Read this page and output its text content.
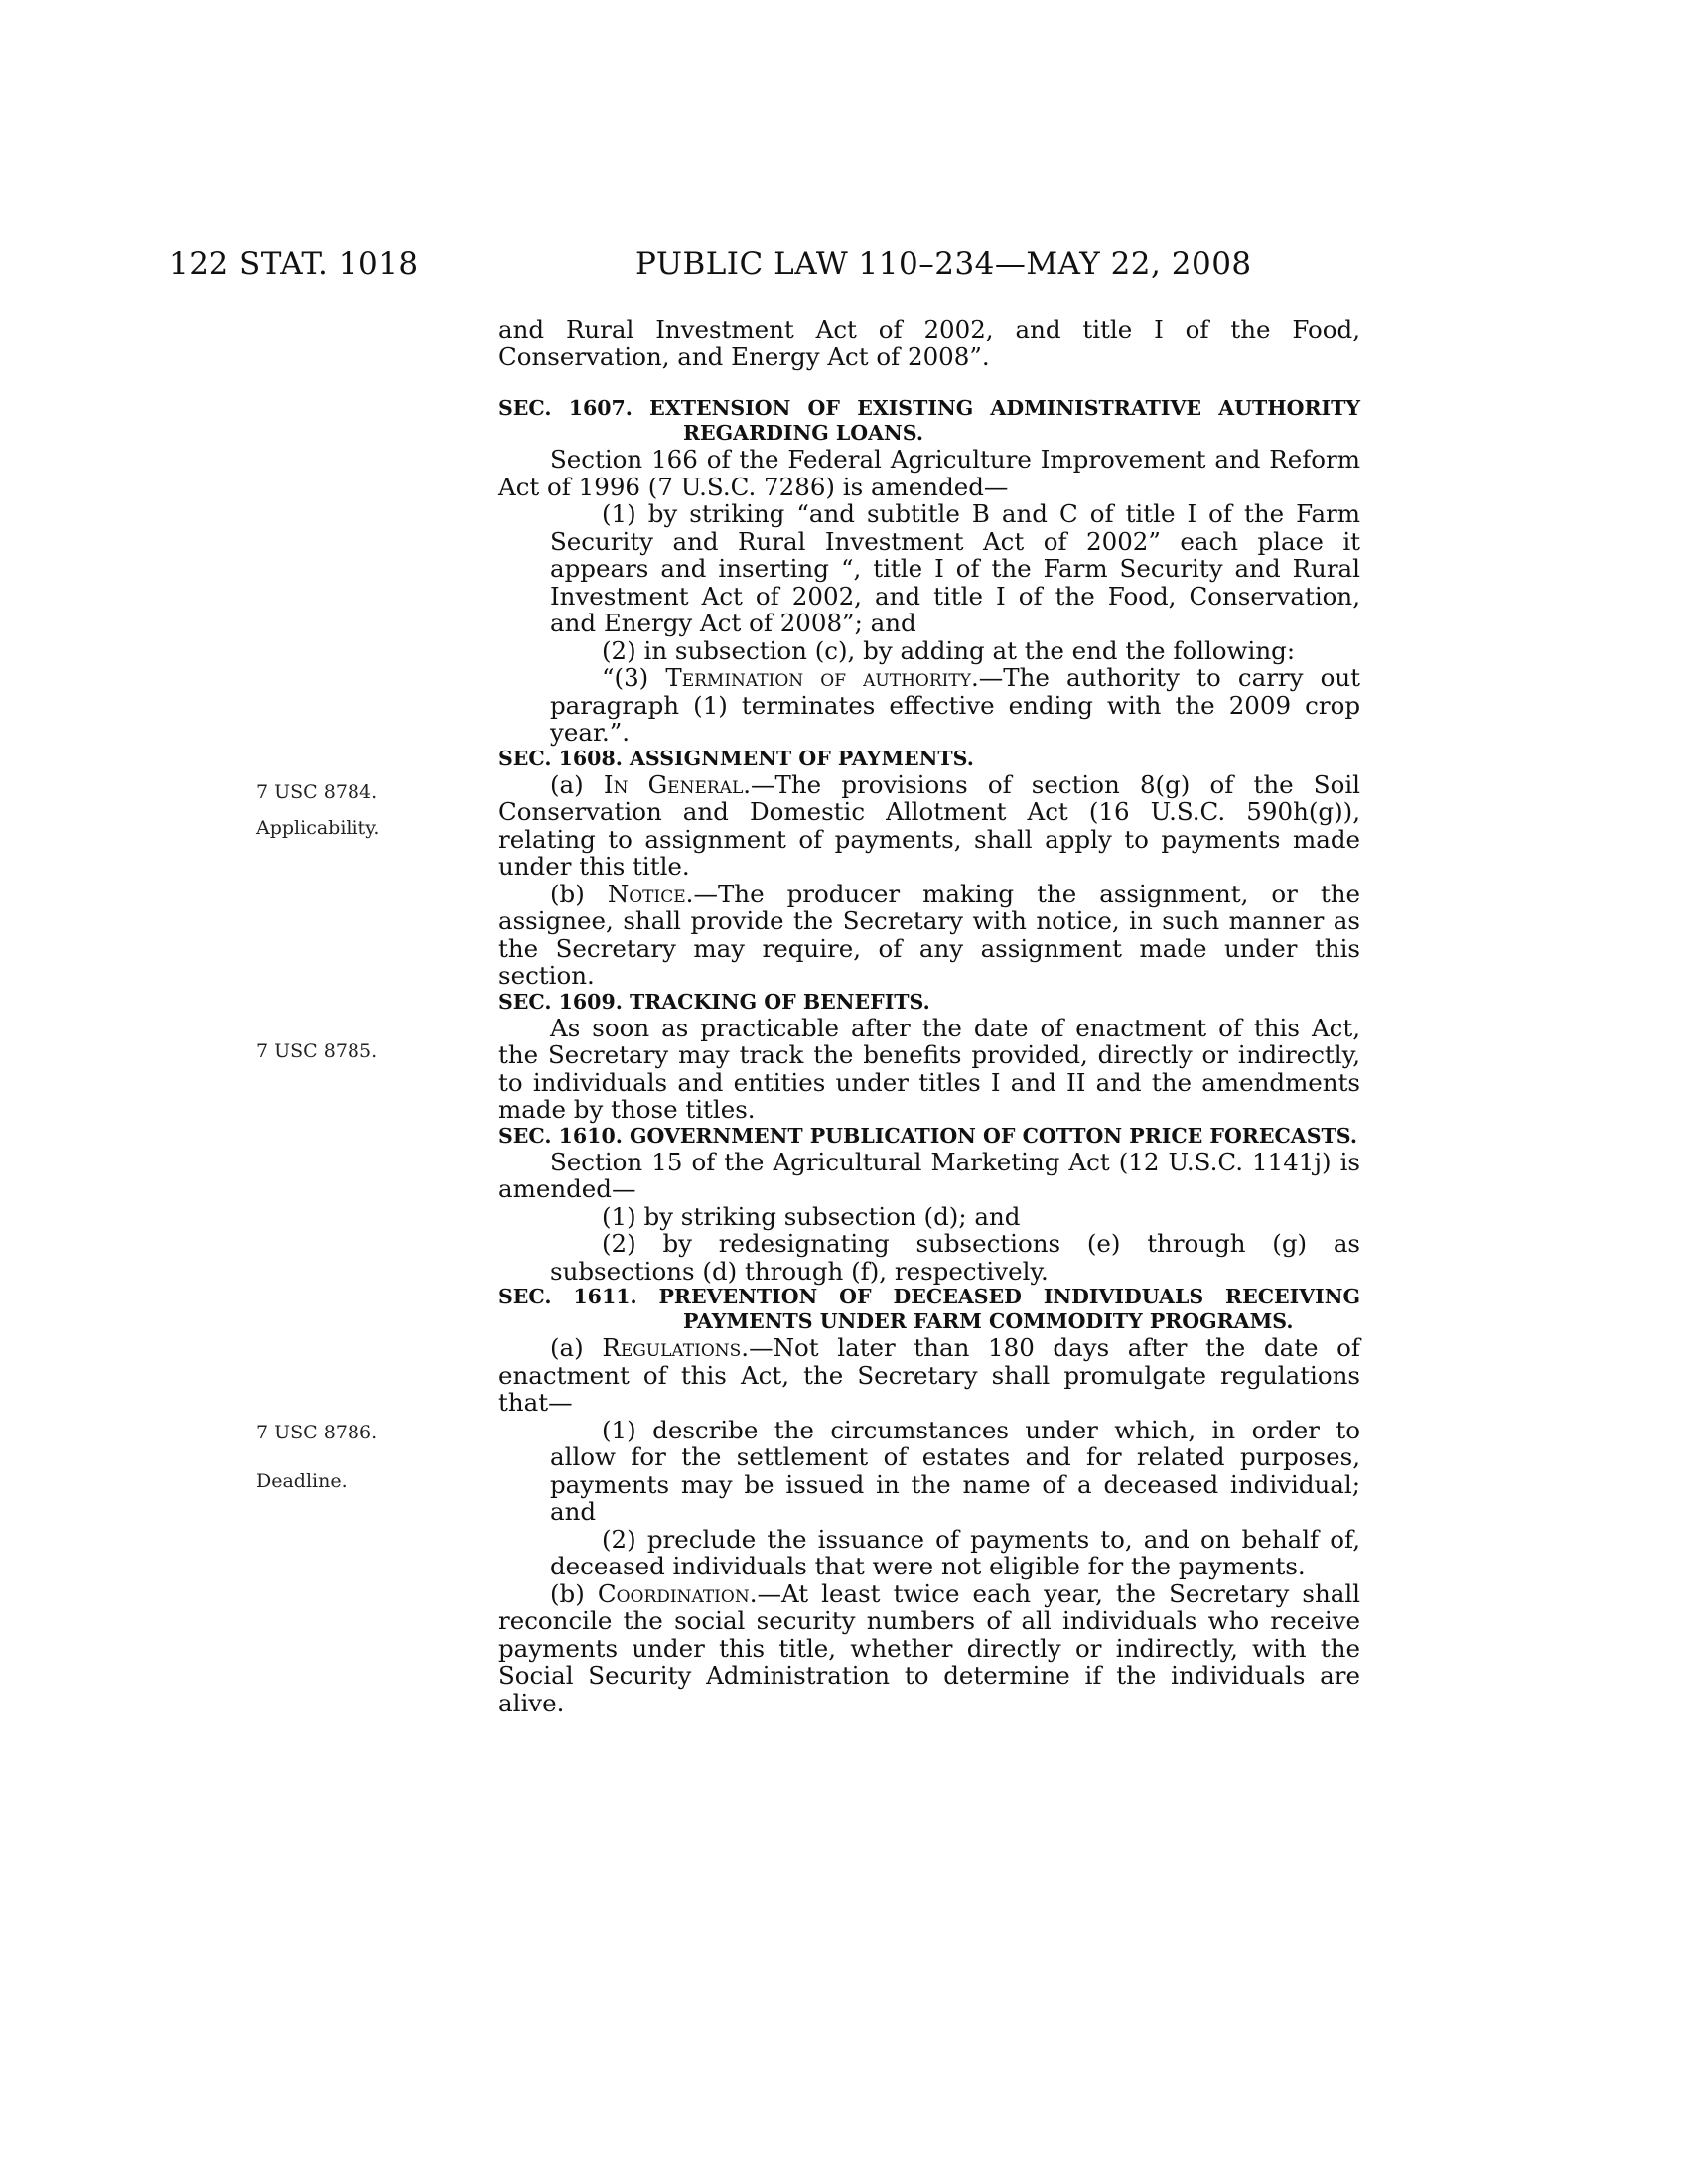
122 STAT. 1018	PUBLIC LAW 110–234—MAY 22, 2008
7 USC 8784.
Applicability.
7 USC 8785.
7 USC 8786.
Deadline.

and Rural Investment Act of 2002, and title I of the Food, Conservation, and Energy Act of 2008”.

SEC. 1607. EXTENSION OF EXISTING ADMINISTRATIVE AUTHORITY REGARDING LOANS.

Section 166 of the Federal Agriculture Improvement and Reform Act of 1996 (7 U.S.C. 7286) is amended—

(1) by striking “and subtitle B and C of title I of the Farm Security and Rural Investment Act of 2002” each place it appears and inserting “, title I of the Farm Security and Rural Investment Act of 2002, and title I of the Food, Conservation, and Energy Act of 2008”; and

(2) in subsection (c), by adding at the end the following:

“(3) Termination of authority.—The authority to carry out paragraph (1) terminates effective ending with the 2009 crop year.”.

SEC. 1608. ASSIGNMENT OF PAYMENTS.

(a) In General.—The provisions of section 8(g) of the Soil Conservation and Domestic Allotment Act (16 U.S.C. 590h(g)), relating to assignment of payments, shall apply to payments made under this title.

(b) Notice.—The producer making the assignment, or the assignee, shall provide the Secretary with notice, in such manner as the Secretary may require, of any assignment made under this section.

SEC. 1609. TRACKING OF BENEFITS.

As soon as practicable after the date of enactment of this Act, the Secretary may track the benefits provided, directly or indirectly, to individuals and entities under titles I and II and the amendments made by those titles.

SEC. 1610. GOVERNMENT PUBLICATION OF COTTON PRICE FORECASTS.

Section 15 of the Agricultural Marketing Act (12 U.S.C. 1141j) is amended—

(1) by striking subsection (d); and

(2) by redesignating subsections (e) through (g) as subsections (d) through (f), respectively.

SEC. 1611. PREVENTION OF DECEASED INDIVIDUALS RECEIVING PAYMENTS UNDER FARM COMMODITY PROGRAMS.

(a) Regulations.—Not later than 180 days after the date of enactment of this Act, the Secretary shall promulgate regulations that—

(1) describe the circumstances under which, in order to allow for the settlement of estates and for related purposes, payments may be issued in the name of a deceased individual; and

(2) preclude the issuance of payments to, and on behalf of, deceased individuals that were not eligible for the payments.

(b) Coordination.—At least twice each year, the Secretary shall reconcile the social security numbers of all individuals who receive payments under this title, whether directly or indirectly, with the Social Security Administration to determine if the individuals are alive.
